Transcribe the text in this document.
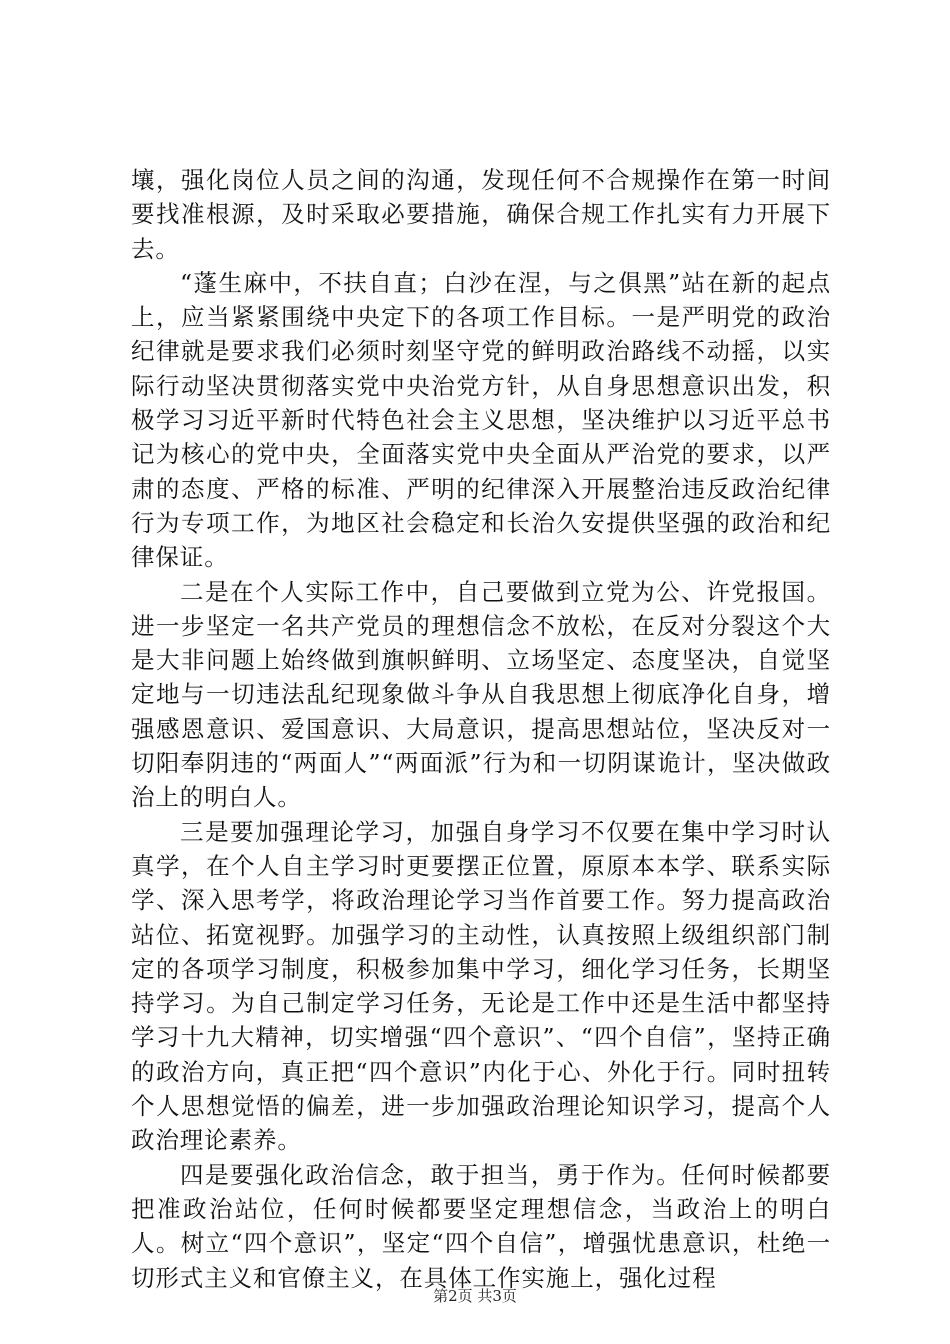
壤，强化岗位人员之间的沟通，发现任何不合规操作在第一时间要找准根源，及时采取必要措施，确保合规工作扎实有力开展下去。

“蓬生麻中，不扶自直；白沙在涅，与之俱黑”站在新的起点上，应当紧紧围绕中央定下的各项工作目标。一是严明党的政治纪律就是要求我们必须时刻坚守党的鲜明政治路线不动摇，以实际行动坚决贯彻落实党中央治党方针，从自身思想意识出发，积极学习习近平新时代特色社会主义思想，坚决维护以习近平总书记为核心的党中央，全面落实党中央全面从严治党的要求，以严肃的态度、严格的标准、严明的纪律深入开展整治违反政治纪律行为专项工作，为地区社会稳定和长治久安提供坚强的政治和纪律保证。

二是在个人实际工作中，自己要做到立党为公、许党报国。进一步坚定一名共产党员的理想信念不放松，在反对分裂这个大是大非问题上始终做到旗帜鲜明、立场坚定、态度坚决，自觉坚定地与一切违法乱纪现象做斗争从自我思想上彻底净化自身，增强感恩意识、爱国意识、大局意识，提高思想站位，坚决反对一切阳奉阴违的“两面人”“两面派”行为和一切阴谋诡计，坚决做政治上的明白人。

三是要加强理论学习，加强自身学习不仅要在集中学习时认真学，在个人自主学习时更要摆正位置，原原本本学、联系实际学、深入思考学，将政治理论学习当作首要工作。努力提高政治站位、拓宽视野。加强学习的主动性，认真按照上级组织部门制定的各项学习制度，积极参加集中学习，细化学习任务，长期坚持学习。为自己制定学习任务，无论是工作中还是生活中都坚持学习十九大精神，切实增强“四个意识”、“四个自信”，坚持正确的政治方向，真正把“四个意识”内化于心、外化于行。同时扭转个人思想觉悟的偏差，进一步加强政治理论知识学习，提高个人政治理论素养。

四是要强化政治信念，敢于担当，勇于作为。任何时候都要把准政治站位，任何时候都要坚定理想信念，当政治上的明白人。树立“四个意识”，坚定“四个自信”，增强忧患意识，杜绝一切形式主义和官僚主义，在具体工作实施上，强化过程

第2页 共3页
